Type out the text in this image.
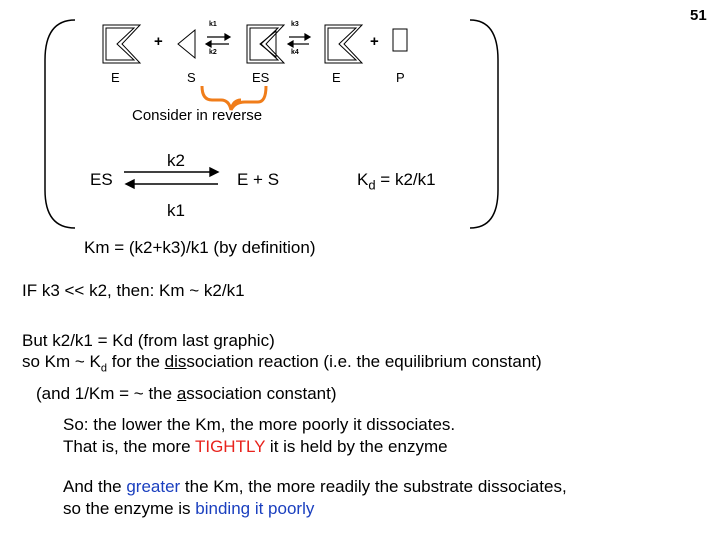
51
k1
k2
k3
k4
+	+
E	S	ES	E	P
Consider in reverse
ES
k2
k1
E + S	$K_d = k2/k1$
Km = (k2+k3)/k1 (by definition)
IF k3 << k2, then: Km ~ k2/k1
But k2/k1 = Kd (from last graphic)
so Km ~ $K_d$ for the dissociation reaction (i.e. the equilibrium constant)
(and 1/Km = ~ the association constant)
So: the lower the Km, the more poorly it dissociates.
That is, the more TIGHTLY it is held by the enzyme
And the greater the Km, the more readily the substrate dissociates,
so the enzyme is binding it poorly
